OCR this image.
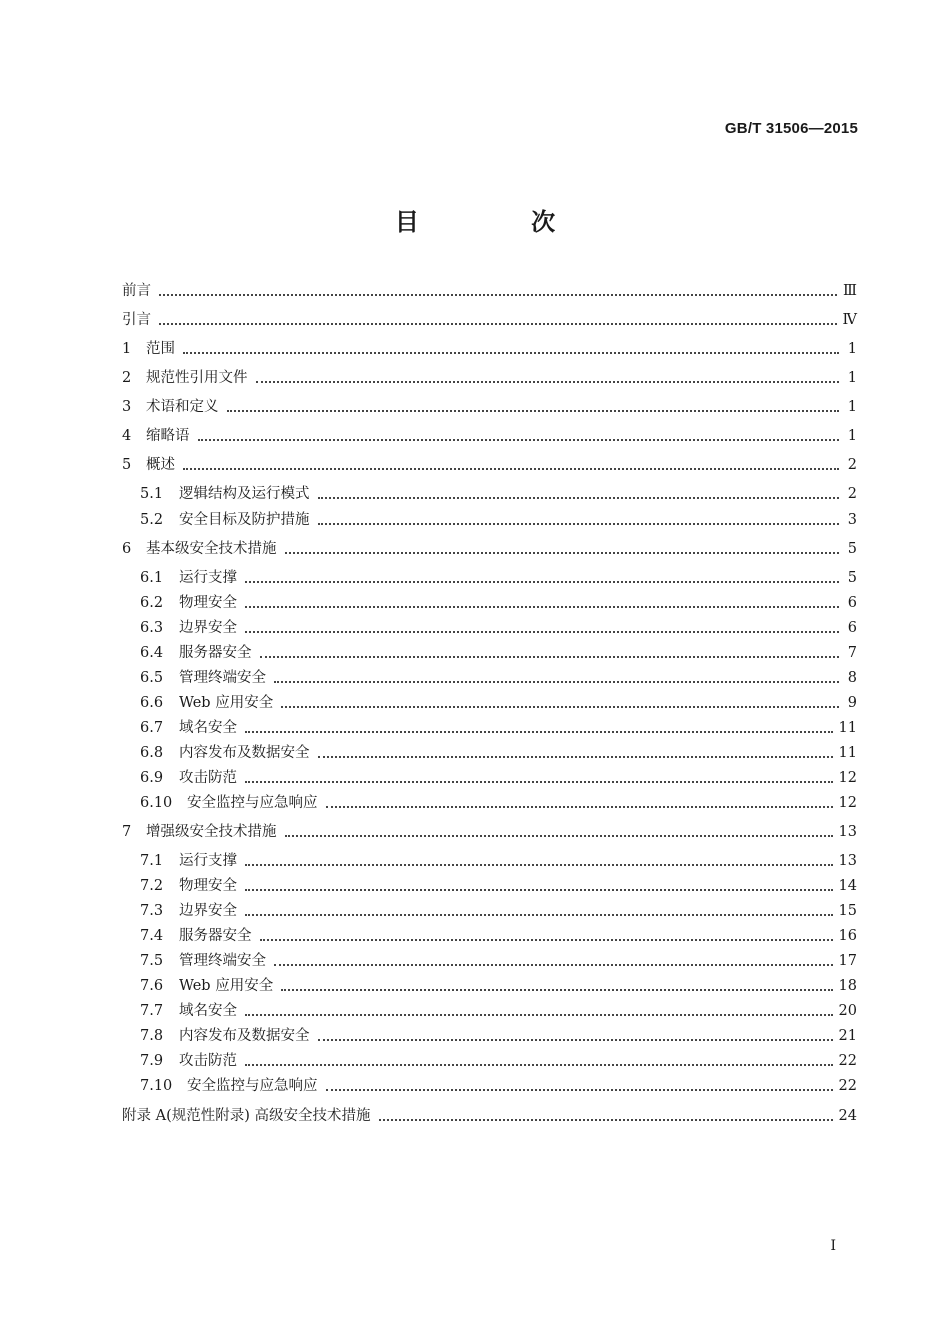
GB/T 31506—2015
目 次
前言	Ⅲ
引言	Ⅳ
1	范围	1
2	规范性引用文件	1
3	术语和定义	1
4	缩略语	1
5	概述	2
5.1	逻辑结构及运行模式	2
5.2	安全目标及防护措施	3
6	基本级安全技术措施	5
6.1	运行支撑	5
6.2	物理安全	6
6.3	边界安全	6
6.4	服务器安全	7
6.5	管理终端安全	8
6.6	Web 应用安全	9
6.7	域名安全	11
6.8	内容发布及数据安全	11
6.9	攻击防范	12
6.10	安全监控与应急响应	12
7	增强级安全技术措施	13
7.1	运行支撑	13
7.2	物理安全	14
7.3	边界安全	15
7.4	服务器安全	16
7.5	管理终端安全	17
7.6	Web 应用安全	18
7.7	域名安全	20
7.8	内容发布及数据安全	21
7.9	攻击防范	22
7.10	安全监控与应急响应	22
附录 A(规范性附录) 高级安全技术措施	24
I
